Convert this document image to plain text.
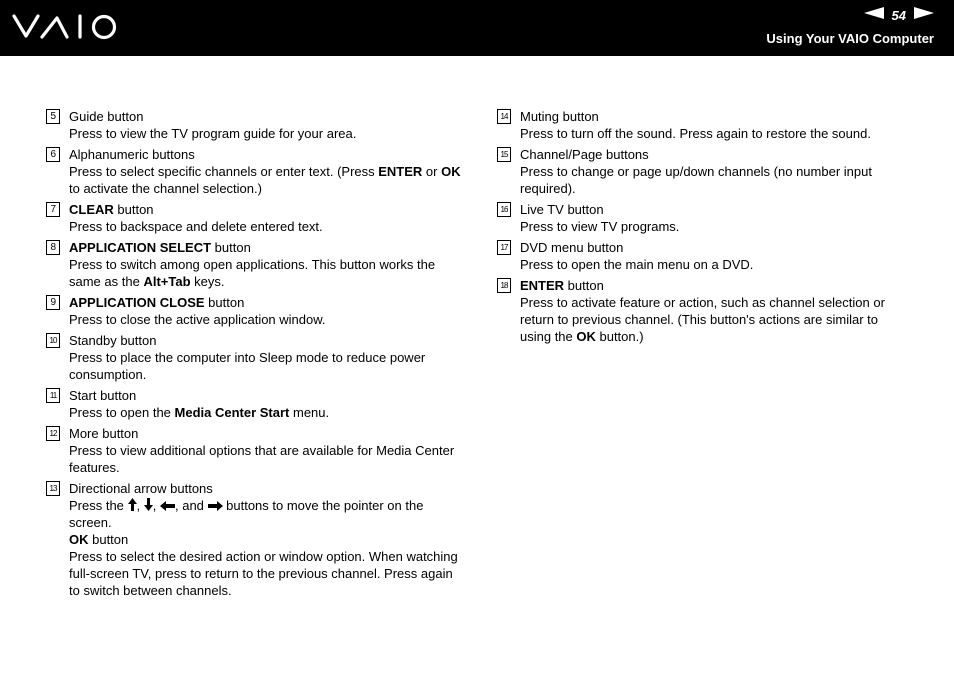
54
Using Your VAIO Computer
5	Guide button
Press to view the TV program guide for your area.
6	Alphanumeric buttons
Press to select specific channels or enter text. (Press ENTER or OK to activate the channel selection.)
7	CLEAR button
Press to backspace and delete entered text.
8	APPLICATION SELECT button
Press to switch among open applications. This button works the same as the Alt+Tab keys.
9	APPLICATION CLOSE button
Press to close the active application window.
10 Standby button
Press to place the computer into Sleep mode to reduce power consumption.
11 Start button
Press to open the Media Center Start menu.
12 More button
Press to view additional options that are available for Media Center features.
13 Directional arrow buttons
Press the , , , and  buttons to move the pointer on the screen.
OK button
Press to select the desired action or window option. When watching full-screen TV, press to return to the previous channel. Press again to switch between channels.
14 Muting button
Press to turn off the sound. Press again to restore the sound.
15 Channel/Page buttons
Press to change or page up/down channels (no number input required).
16 Live TV button
Press to view TV programs.
17 DVD menu button
Press to open the main menu on a DVD.
18 ENTER button
Press to activate feature or action, such as channel selection or return to previous channel. (This button's actions are similar to using the OK button.)
